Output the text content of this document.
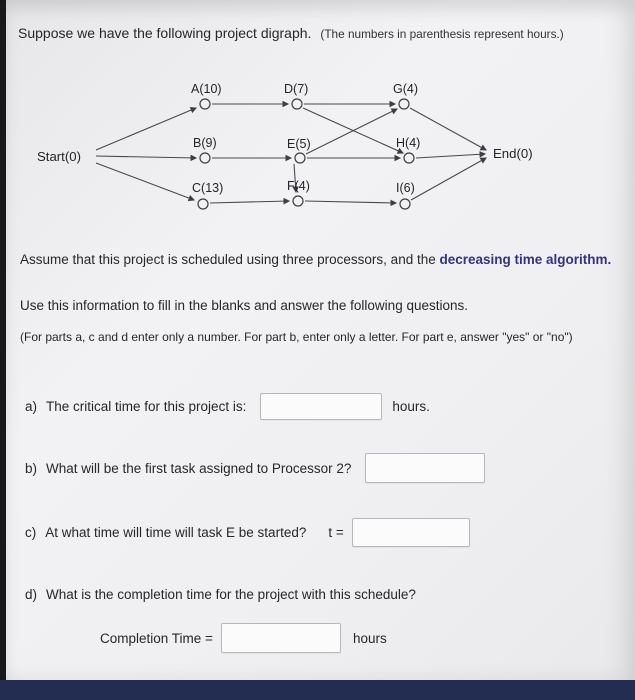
Suppose we have the following project digraph. (The numbers in parenthesis represent hours.)
Start(0)	End(0)
A(10)	D(7)	G(4)
B(9)	E(5)	H(4)
C(13)	F(4)	I(6)
Assume that this project is scheduled using three processors, and the decreasing time algorithm.
Use this information to fill in the blanks and answer the following questions.
(For parts a, c and d enter only a number. For part b, enter only a letter. For part e, answer "yes" or "no")
a) The critical time for this project is:	hours.
b) What will be the first task assigned to Processor 2?
c) At what time will time will task E be started? t =
d) What is the completion time for the project with this schedule?
Completion Time =	hours
